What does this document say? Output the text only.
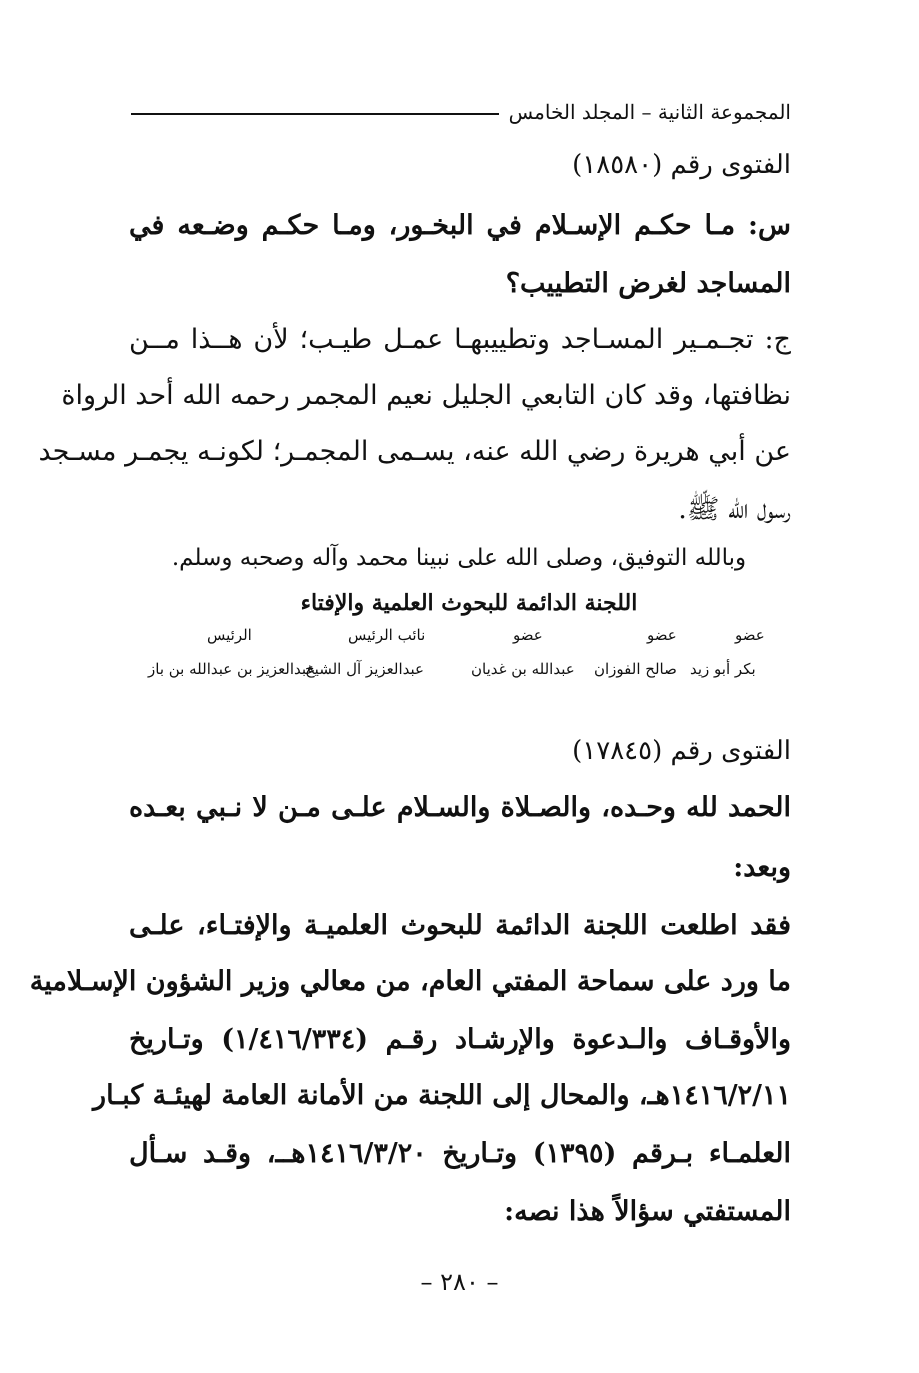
المجموعة الثانية – المجلد الخامس
الفتوى رقم (١٨٥٨٠)
س: مـا حكـم الإسـلام في البخـور، ومـا حكـم وضـعه في
المساجد لغرض التطييب؟
ج: تجـمـير المسـاجد وتطييبهـا عمـل طيـب؛ لأن هــذا مــن
نظافتها، وقد كان التابعي الجليل نعيم المجمر رحمه الله أحد الرواة
عن أبي هريرة رضي الله عنه، يسـمى المجمـر؛ لكونـه يجمـر مسـجد
رسول الله ﷺ.
وبالله التوفيق، وصلى الله على نبينا محمد وآله وصحبه وسلم.
اللجنة الدائمة للبحوث العلمية والإفتاء
عضو
عضو
عضو
نائب الرئيس
الرئيس
بكر أبو زيد
صالح الفوزان
عبدالله بن غديان
عبدالعزيز آل الشيخ
عبدالعزيز بن عبدالله بن باز
الفتوى رقم (١٧٨٤٥)
الحمد لله وحـده، والصـلاة والسـلام علـى مـن لا نـبي بعـده
وبعد:
فقد اطلعت اللجنة الدائمة للبحوث العلميـة والإفتـاء، علـى
ما ورد على سماحة المفتي العام، من معالي وزير الشؤون الإسـلامية
والأوقـاف والـدعوة والإرشـاد رقـم (١/٤١٦/٣٣٤) وتـاريخ
١٤١٦/٢/١١هـ، والمحال إلى اللجنة من الأمانة العامة لهيئـة كبـار
العلمـاء بـرقم (١٣٩٥) وتـاريخ ١٤١٦/٣/٢٠هــ، وقـد سـأل
المستفتي سؤالاً هذا نصه:
– ٢٨٠ –
